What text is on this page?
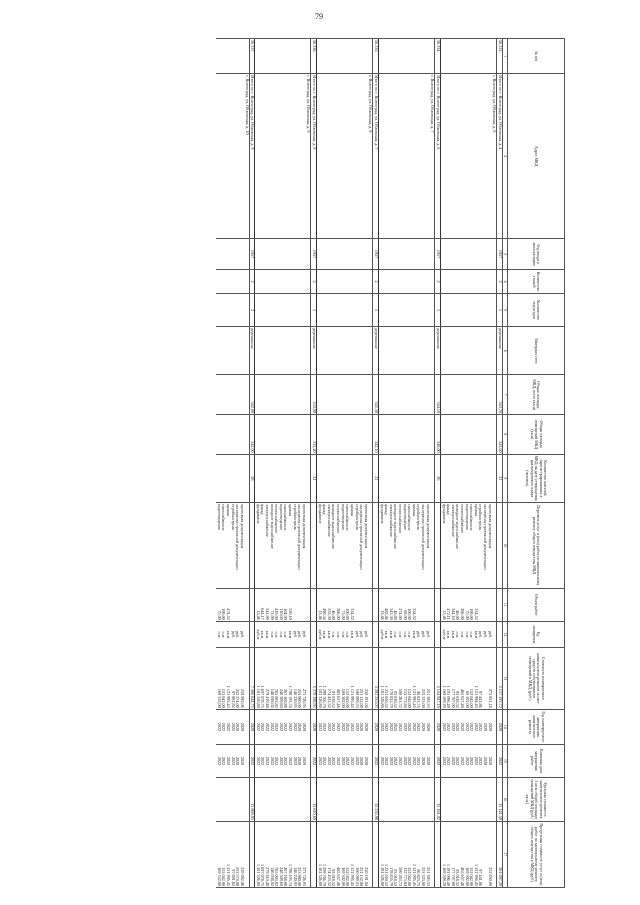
79
№ п/п	Адрес МКД	Год ввода в эксплуатацию	Количество этажей	Количество подъездов	Материал стен	Общая площадь МКД, всего (кв.м)	Общая площадь помещений МКД (кв.м)	Количество жителей, зарегистрированных в МКД на дату утверждения краткосрочного плана (человек)	Перечень услуг и (или) работ по капитальному ремонту общего имущества МКД	Объем работ	Ед. измерения	Стоимость планируемого капитального ремонта за счет средств собственников помещений в МКД, (руб.)	Год планируемого завершения капитального ремонта	Плановая дата завершения работ	Удельная стоимость капитального ремонта 1 кв.м общей площади помещений МКД (руб./кв.м.)	Предельная стоимость услуг и (или) работ по капитальному ремонту общего имущества в МКД (руб.)
1	2	3	4	5	6	7	8	9	10	11	12	13	14	15	16	17
56.333.	Итого по г. Волгоград, ул. Обливская, д. 4	1957	2	1	деревянные	343,70	343,60	21				5 157 193,72	2020	2022	15 141,59	261 097,38
	г. Волгоград, ул. Обливская, д. 6															
									проектная документация		руб.	273 851,18	2020	2020		252 850,00
									экспертиза проектной документации		руб.		2020	2020		
									стройконтроль		руб.	97 441,86	2022	2022		97 441,86
									крыша	334,52	кв.м	1 121 994,45	2022	2022		1 121 994,45
									газоснабжение	100,00	п.м	152 042,00	2022	2022		152 042,00
									водоотведение	75,00	п.м	69 302,00	2022	2022		169 302,00
									теплоснабжение	266,00	п.м	465 657,48	2022	2022		465 657,48
									холодное водоснабжение	46,00	п.м	93 018,52	2022	2022		93 018,52
									электроснабжение	344,10	кв.м	177 707,00	2022	2022		177 707,00
									фасад	472,11	кв.м	1 191 096,49	2022	2022		1 191 096,49
									фундамент	13,46	куб.м	1 169 509,20	2022	2022		1 169 509,20
56.334.	Итого по г. Волгоград, ул. Обливская, д. 6	1957	2	1	деревянные	344,10	340,00	26				5 154 947,19	2020	2022	15 161,02	
	г. Волгоград, ул. Обливская, д. 7															
									проектная документация		руб.	251 383,33	2020	2020		251 383,33
									экспертиза проектной документации		руб.	253 323,00	2020	2020		253 323,00
									стройконтроль		руб.	96 823,75	2022	2022		96 823,75
									крыша	334,52	кв.м	1 121 995,45	2022	2022		1 121 995,45
									газоснабжение	100,00	п.м	152 042,00	2022	2022		152 042,00
									водоотведение	69,00	п.м	155 773,84	2022	2022		155 773,84
									теплоснабжение	274,00	п.м	500 263,72	2022	2022		500 263,72
									холодное водоснабжение	46,00	п.м	93 018,52	2022	2022		93 018,52
									электроснабжение	343,30	кв.м	178 835,79	2022	2022		178 835,79
									фасад	482,46	кв.м	1 231 050,52	2022	2022		1 231 050,52
									фундамент	13,46	куб.м	1 181 326,80	2022	2022		1 181 326,80
56.335.	Итого по г. Волгоград, ул. Обливская, д. 7	1957	2	1	деревянные	345,30	342,10	21				5 202 235,03	2020	2022	15 235,98	
	г. Волгоград, ул. Обливская, д. 8															
									проектная документация		руб.	250 191,04	2020	2020		250 191,04
									экспертиза проектной документации		руб.	251 132,00	2020	2020		251 132,00
									стройконтроль		руб.	100 099,53	2022	2022		100 099,53
									крыша	334,52	кв.м	1 121 995,45	2022	2022		1 121 995,45
									газоснабжение	100,00	п.м	152 042,00	2022	2022		152 042,00
									водоотведение	75,00	п.м	169 302,00	2022	2022		169 302,00
									теплоснабжение	266,00	п.м	485 657,48	2022	2022		485 657,48
									холодное водоснабжение	46,00	п.м	93 018,52	2022	2022		93 018,52
									электроснабжение	333,30	кв.м	174 433,32	2022	2022		174 433,32
									фасад	490,34	кв.м	1 299 766,79	2022	2022		1 299 766,79
									фундамент	13,46	куб.м	1 181 326,80	2022	2022		1 181 326,80
56.336.	Итого по г. Волгоград, ул. Обливская, д. 8	1957	2	1	деревянные	333,90	333,40	21				5 279 198,93	2020	2022	15 810,69	
	г. Волгоград, ул. Обливская, д. 9															
									проектная документация		руб.	273 726,93	2020	2020		273 726,93
									экспертиза проектной документации		руб.	253 980,00	2020	2020		253 980,00
									стройконтроль		руб.	146 220,93	2022	2022		146 220,93
									крыша	520,10	кв.м	1 798 193,74	2022	2022		1 798 193,74
									газоснабжение	164,00	п.м	267 168,88	2022	2022		267 168,88
									водоотведение	110,00	п.м	248 309,60	2022	2022		248 309,60
									теплоснабжение	419,00	п.м	765 003,82	2022	2022		765 003,82
									холодное водоснабжение	71,00	п.м	146 038,02	2022	2022		146 038,02
									электроснабжение	542,00	кв.м	279 410,48	2022	2022		279 410,48
									фасад	644,17	кв.м	1 697 078,75	2022	2022		1 697 078,75
									фундамент	13,46	куб.м	1 181 326,80	2022	2022		1 181 326,80
56.337.	Итого по г. Волгоград, ул. Обливская, д. 9	1957	2	2	деревянные	542,00	542,00	28				7 566 644,75	2020	2022	13 869,93	
	г. Волгоград, ул. Обливская, д. 10															
									проектная документация		руб.	259 992,06	2020	2020		259 992,06
									экспертиза проектной документации		руб.	252 574,00	2020	2020		253 574,00
									стройконтроль		руб.	97 891,82	2022	2022		97 891,82
									крыша	474,52	кв.м	1 121 995,45	2022	2022		1 121 995,45
									газоснабжение	100,00	п.м	153 042,00	2022	2022		153 042,00
									водоотведение	75,00	п.м	169 332,00	2022	2022		169 332,00
